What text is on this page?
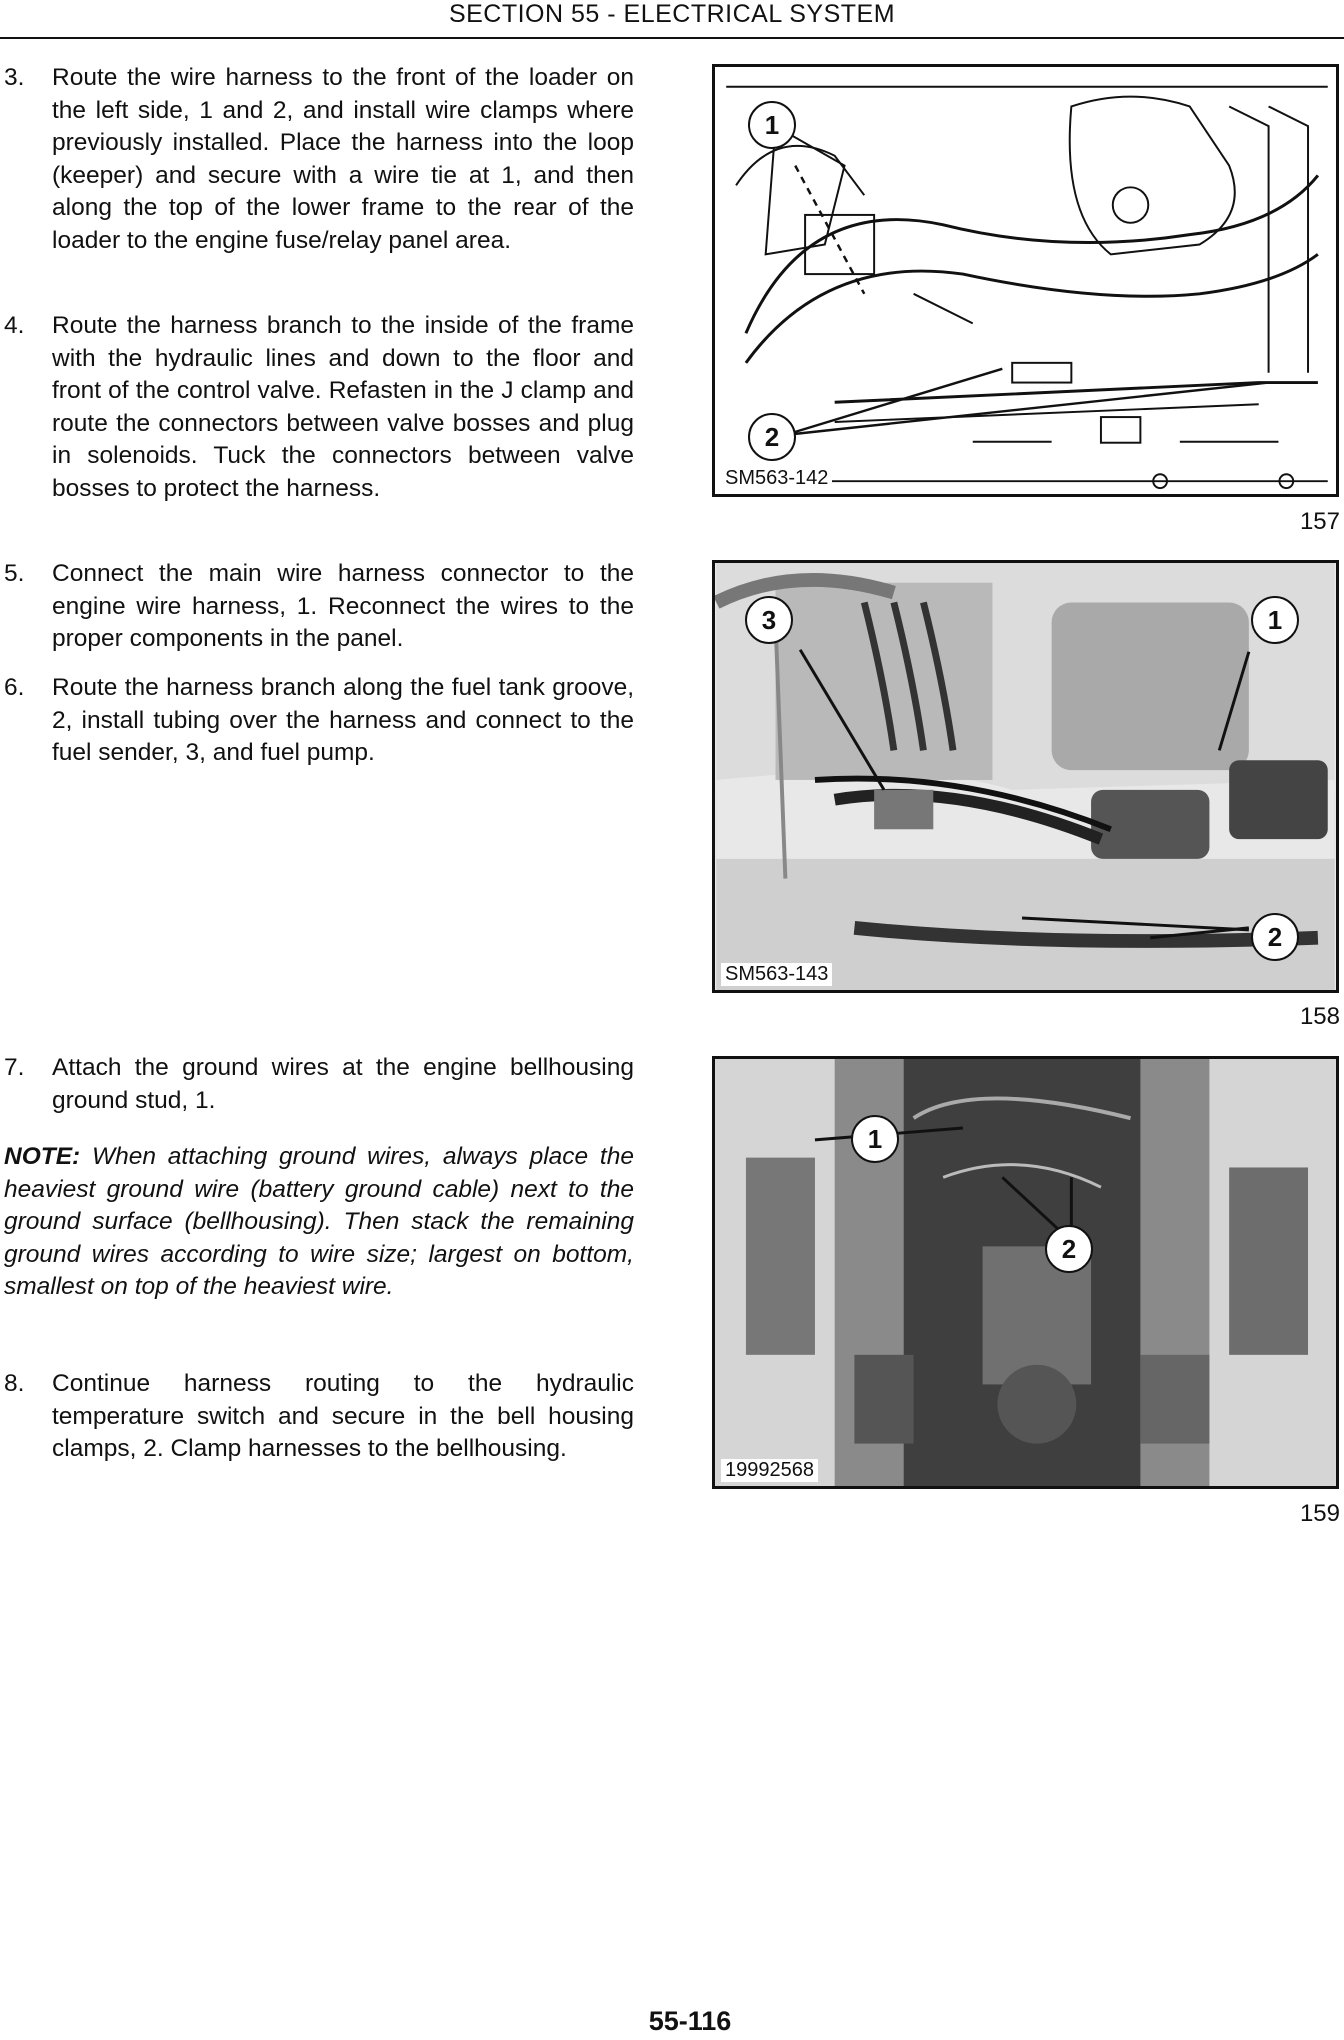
SECTION 55 - ELECTRICAL SYSTEM
3. Route the wire harness to the front of the loader on the left side, 1 and 2, and install wire clamps where previously installed. Place the harness into the loop (keeper) and secure with a wire tie at 1, and then along the top of the lower frame to the rear of the loader to the engine fuse/relay panel area.
4. Route the harness branch to the inside of the frame with the hydraulic lines and down to the floor and front of the control valve. Refasten in the J clamp and route the connectors between valve bosses and plug in solenoids. Tuck the connectors between valve bosses to protect the harness.
5. Connect the main wire harness connector to the engine wire harness, 1. Reconnect the wires to the proper components in the panel.
6. Route the harness branch along the fuel tank groove, 2, install tubing over the harness and connect to the fuel sender, 3, and fuel pump.
7. Attach the ground wires at the engine bellhousing ground stud, 1.
NOTE: When attaching ground wires, always place the heaviest ground wire (battery ground cable) next to the ground surface (bellhousing). Then stack the remaining ground wires according to wire size; largest on bottom, smallest on top of the heaviest wire.
8. Continue harness routing to the hydraulic temperature switch and secure in the bell housing clamps, 2. Clamp harnesses to the bellhousing.
1
2
SM563-142
157
3	1
2
SM563-143
158
1
2
19992568
159
55-116
